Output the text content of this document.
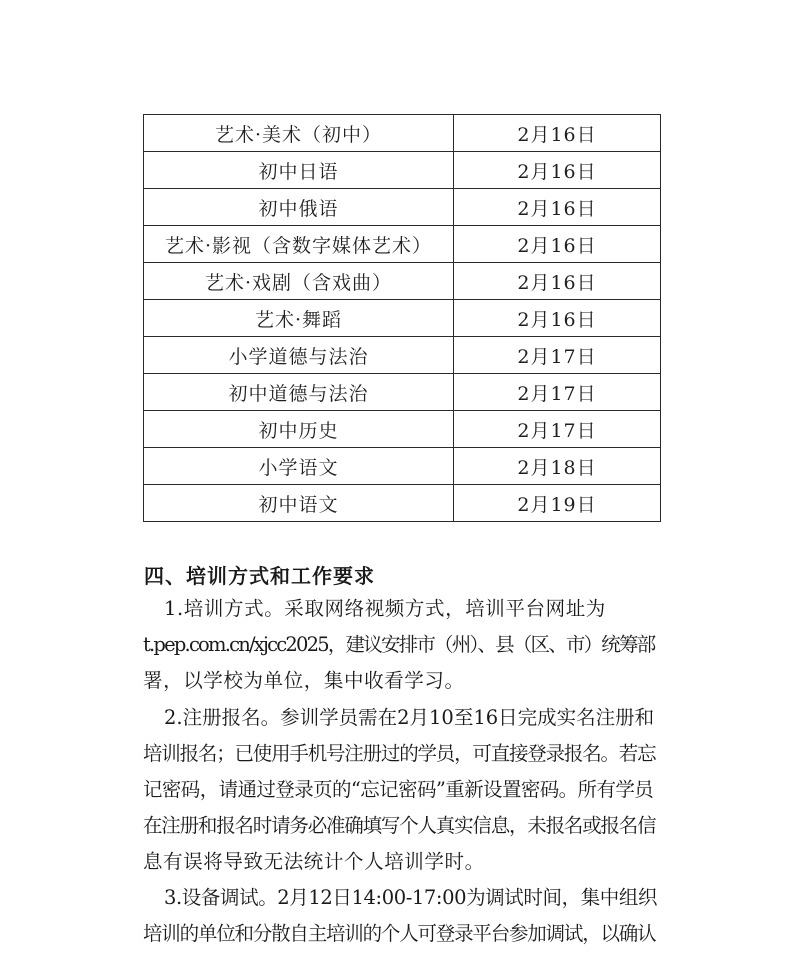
艺术·美术（初中）	2月16日
初中日语	2月16日
初中俄语	2月16日
艺术·影视（含数字媒体艺术）	2月16日
艺术·戏剧（含戏曲）	2月16日
艺术·舞蹈	2月16日
小学道德与法治	2月17日
初中道德与法治	2月17日
初中历史	2月17日
小学语文	2月18日
初中语文	2月19日
四、培训方式和工作要求
1.培训方式。采取网络视频方式，培训平台网址为
t.pep.com.cn/xjcc2025，建议安排市（州）、县（区、市）统筹部
署，以学校为单位，集中收看学习。
2.注册报名。参训学员需在2月10至16日完成实名注册和
培训报名；已使用手机号注册过的学员，可直接登录报名。若忘
记密码，请通过登录页的“忘记密码”重新设置密码。所有学员
在注册和报名时请务必准确填写个人真实信息，未报名或报名信
息有误将导致无法统计个人培训学时。
3.设备调试。2月12日14:00-17:00为调试时间，集中组织
培训的单位和分散自主培训的个人可登录平台参加调试，以确认
